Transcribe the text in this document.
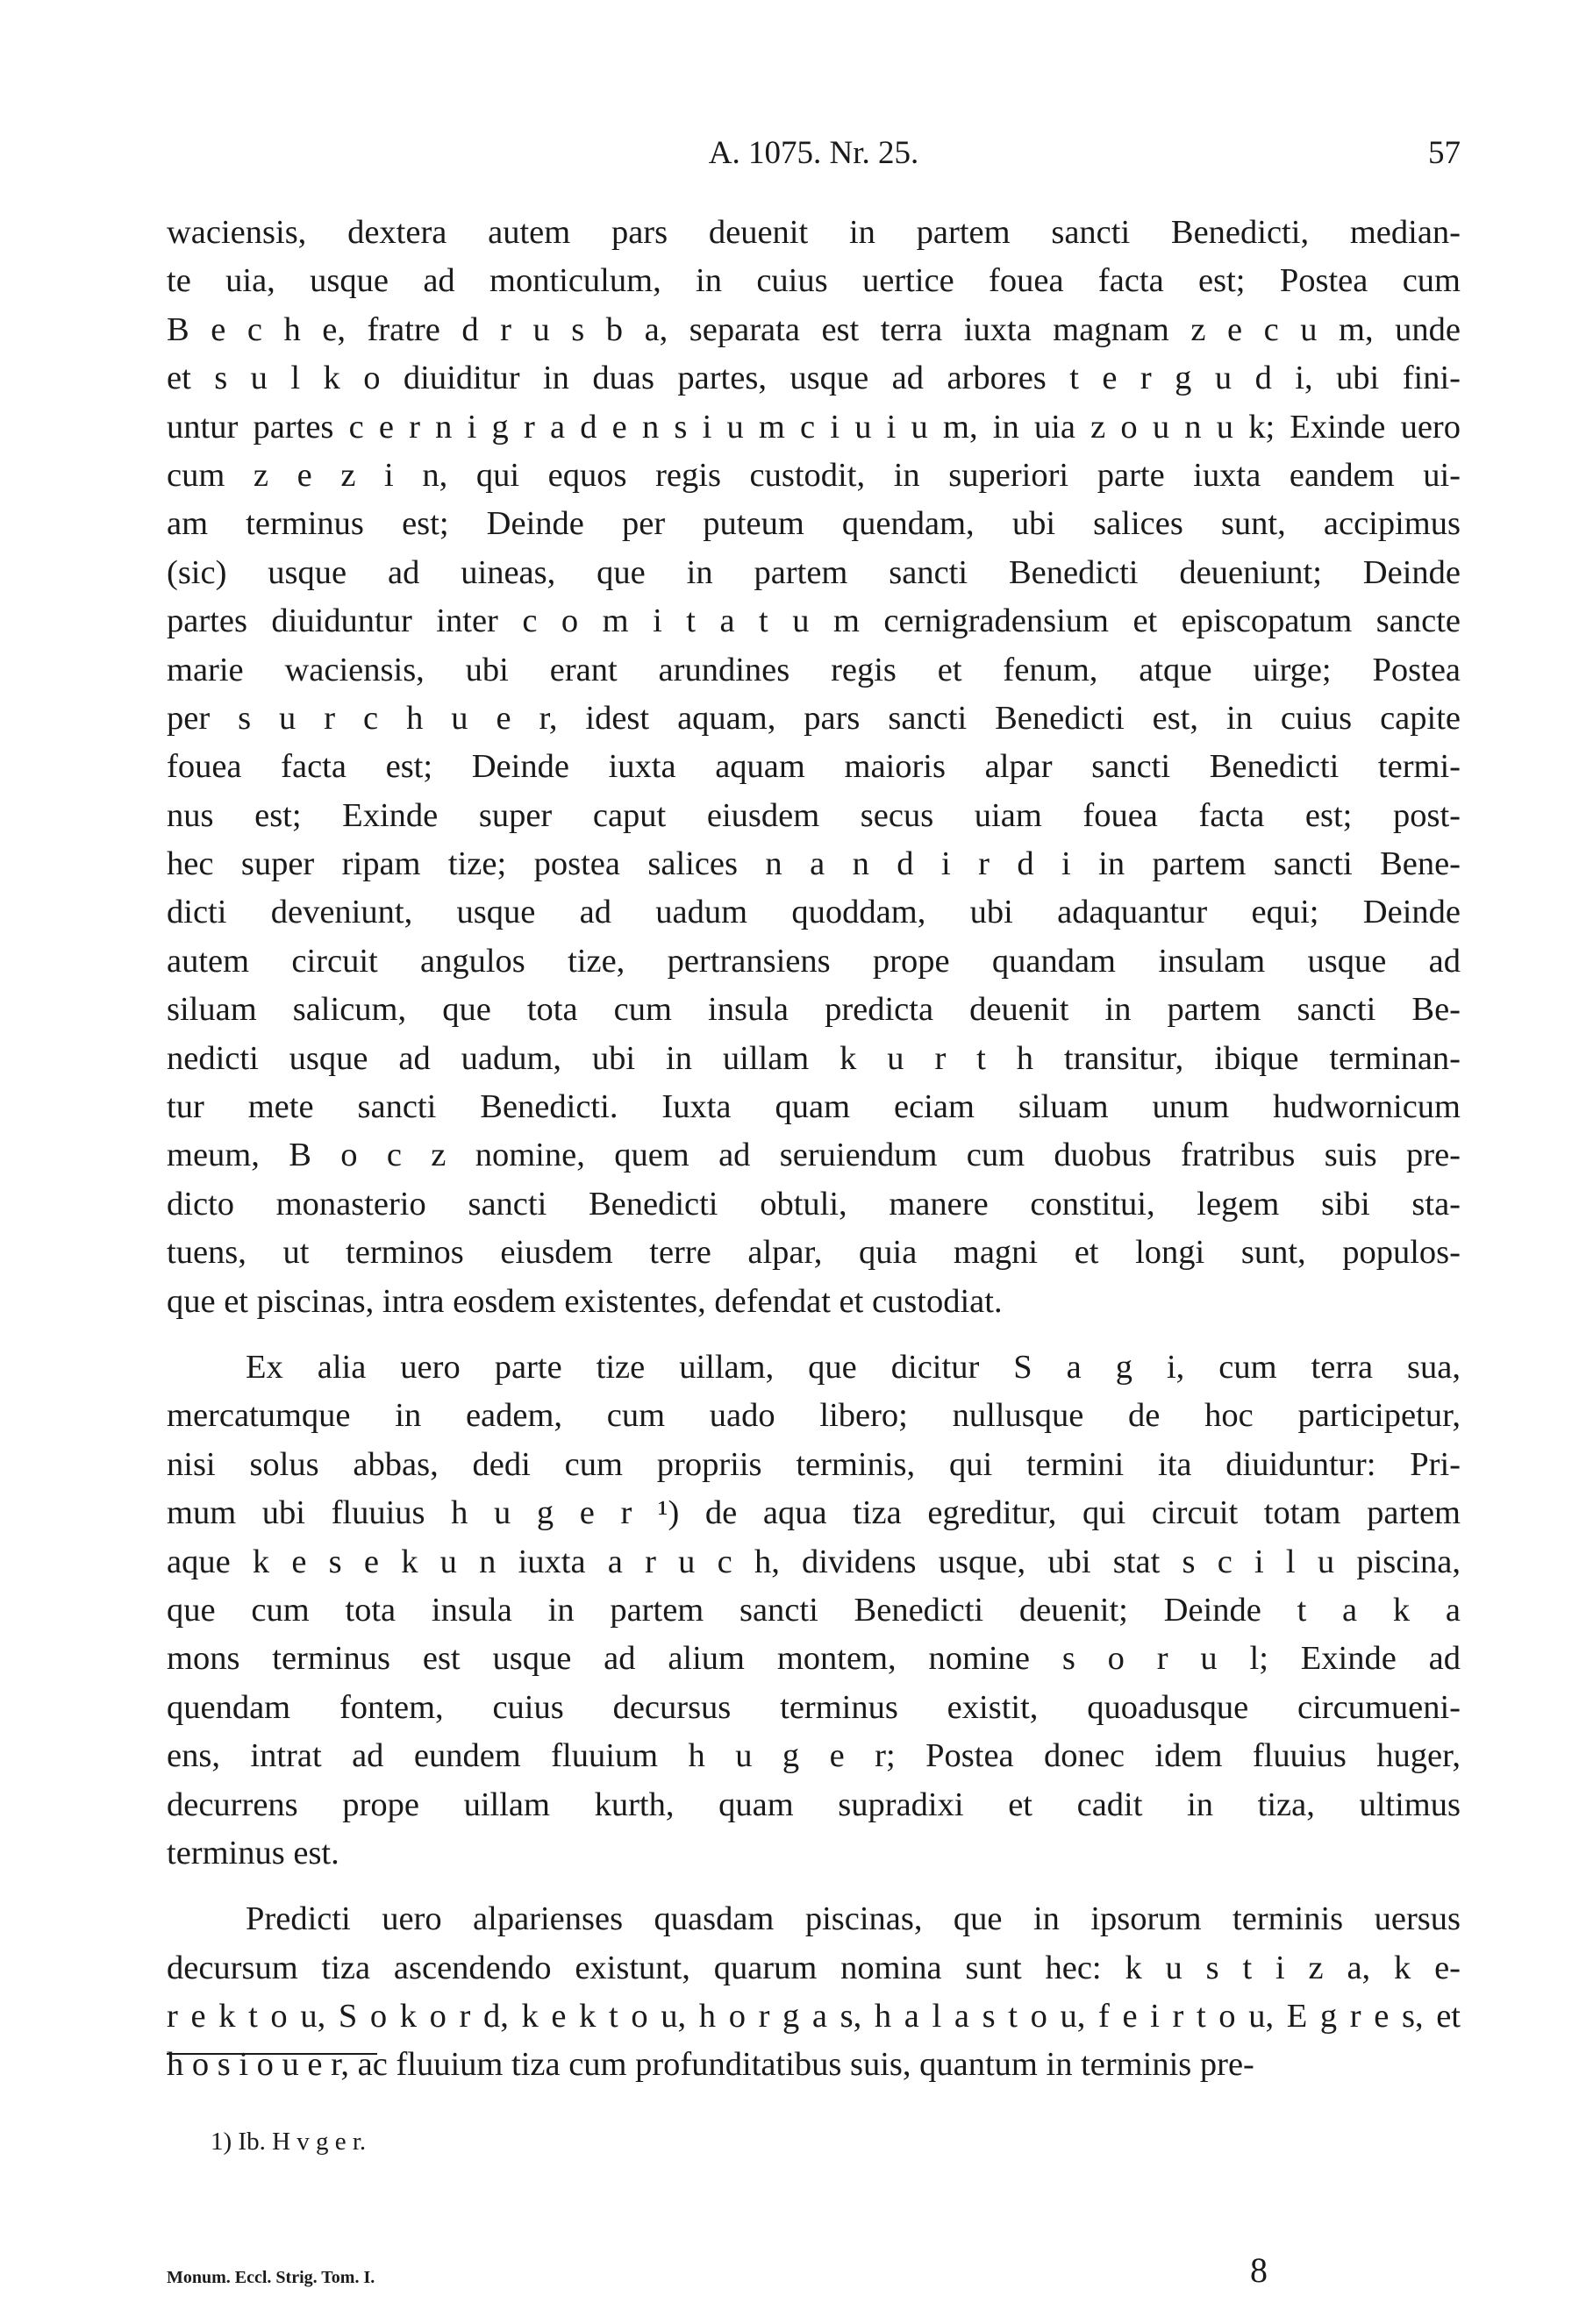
A. 1075. Nr. 25.	57
waciensis, dextera autem pars deuenit in partem sancti Benedicti, median-
te uia, usque ad monticulum, in cuius uertice fouea facta est; Postea cum
B e c h e, fratre d r u s b a, separata est terra iuxta magnam z e c u m, unde
et s u l k o diuiditur in duas partes, usque ad arbores t e r g u d i, ubi fini-
untur partes c e r n i g r a d e n s i u m c i u i u m, in uia z o u n u k; Exinde uero
cum z e z i n, qui equos regis custodit, in superiori parte iuxta eandem ui-
am terminus est; Deinde per puteum quendam, ubi salices sunt, accipimus
(sic) usque ad uineas, que in partem sancti Benedicti deueniunt; Deinde
partes diuiduntur inter c o m i t a t u m cernigradensium et episcopatum sancte
marie waciensis, ubi erant arundines regis et fenum, atque uirge; Postea
per s u r c h u e r, idest aquam, pars sancti Benedicti est, in cuius capite
fouea facta est; Deinde iuxta aquam maioris alpar sancti Benedicti termi-
nus est; Exinde super caput eiusdem secus uiam fouea facta est; post-
hec super ripam tize; postea salices n a n d i r d i in partem sancti Bene-
dicti deveniunt, usque ad uadum quoddam, ubi adaquantur equi; Deinde
autem circuit angulos tize, pertransiens prope quandam insulam usque ad
siluam salicum, que tota cum insula predicta deuenit in partem sancti Be-
nedicti usque ad uadum, ubi in uillam k u r t h transitur, ibique terminan-
tur mete sancti Benedicti. Iuxta quam eciam siluam unum hudwornicum
meum, B o c z nomine, quem ad seruiendum cum duobus fratribus suis pre-
dicto monasterio sancti Benedicti obtuli, manere constitui, legem sibi sta-
tuens, ut terminos eiusdem terre alpar, quia magni et longi sunt, populos-
que et piscinas, intra eosdem existentes, defendat et custodiat.
Ex alia uero parte tize uillam, que dicitur S a g i, cum terra sua,
mercatumque in eadem, cum uado libero; nullusque de hoc participetur,
nisi solus abbas, dedi cum propriis terminis, qui termini ita diuiduntur: Pri-
mum ubi fluuius h u g e r ¹) de aqua tiza egreditur, qui circuit totam partem
aque k e s e k u n iuxta a r u c h, dividens usque, ubi stat s c i l u piscina,
que cum tota insula in partem sancti Benedicti deuenit; Deinde t a k a
mons terminus est usque ad alium montem, nomine s o r u l; Exinde ad
quendam fontem, cuius decursus terminus existit, quoadusque circumueni-
ens, intrat ad eundem fluuium h u g e r; Postea donec idem fluuius huger,
decurrens prope uillam kurth, quam supradixi et cadit in tiza, ultimus
terminus est.
Predicti uero alparienses quasdam piscinas, que in ipsorum terminis uersus
decursum tiza ascendendo existunt, quarum nomina sunt hec: k u s t i z a, k e-
r e k t o u, S o k o r d, k e k t o u, h o r g a s, h a l a s t o u, f e i r t o u, E g r e s, et
h o s i o u e r, ac fluuium tiza cum profunditatibus suis, quantum in terminis pre-
1) Ib. H v g e r.
Monum. Eccl. Strig. Tom. I.	8
